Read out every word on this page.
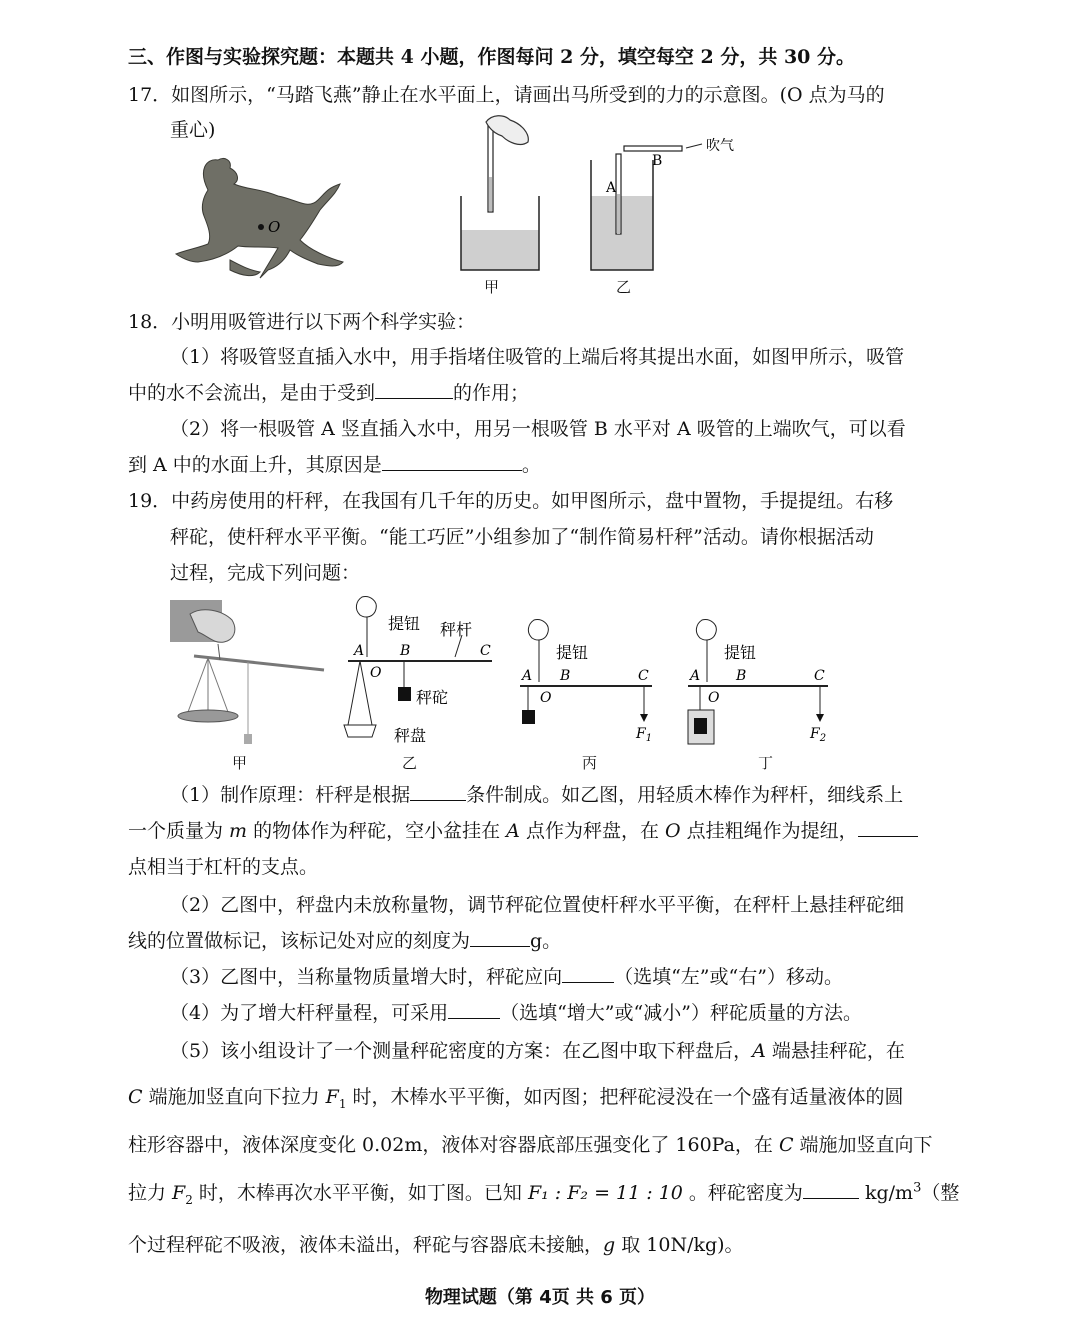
三、作图与实验探究题：本题共 4 小题，作图每问 2 分，填空每空 2 分，共 30 分。
17．如图所示，“马踏飞燕”静止在水平面上，请画出马所受到的力的示意图。(O 点为马的
重心)
O
甲
A
B
吹气
乙
18．小明用吸管进行以下两个科学实验：
（1）将吸管竖直插入水中，用手指堵住吸管的上端后将其提出水面，如图甲所示，吸管
中的水不会流出，是由于受到	的作用；
（2）将一根吸管 A 竖直插入水中，用另一根吸管 B 水平对 A 吸管的上端吹气，可以看
到 A 中的水面上升，其原因是	。
19．中药房使用的杆秤，在我国有几千年的历史。如甲图所示，盘中置物，手提提纽。右移
秤砣，使杆秤水平平衡。“能工巧匠”小组参加了“制作简易杆秤”活动。请你根据活动
过程，完成下列问题：
甲
提钮 秤杆
A	B	C
O
秤砣
秤盘
乙
提钮
A B	C
O
$F_1$
丙
提钮
A	B	C
O
$F_2$
丁
（1）制作原理：杆秤是根据	条件制成。如乙图，用轻质木棒作为秤杆，细线系上
一个质量为 m 的物体作为秤砣，空小盆挂在 A 点作为秤盘，在 O 点挂粗绳作为提纽，
点相当于杠杆的支点。
（2）乙图中，秤盘内未放称量物，调节秤砣位置使杆秤水平平衡，在秤杆上悬挂秤砣细
线的位置做标记，该标记处对应的刻度为	g。
（3）乙图中，当称量物质量增大时，秤砣应向	（选填“左”或“右”）移动。
（4）为了增大杆秤量程，可采用	（选填“增大”或“减小”）秤砣质量的方法。
（5）该小组设计了一个测量秤砣密度的方案：在乙图中取下秤盘后，A 端悬挂秤砣，在
C 端施加竖直向下拉力 $F_1$ 时，木棒水平平衡，如丙图；把秤砣浸没在一个盛有适量液体的圆
柱形容器中，液体深度变化 0.02m，液体对容器底部压强变化了 160Pa，在 C 端施加竖直向下
拉力 $F_2$ 时，木棒再次水平平衡，如丁图。已知 F₁ : F₂ = 11 : 10 。秤砣密度为	$kg/m^3$（整
个过程秤砣不吸液，液体未溢出，秤砣与容器底未接触，g 取 10N/kg)。
物理试题（第 4页 共 6 页）
